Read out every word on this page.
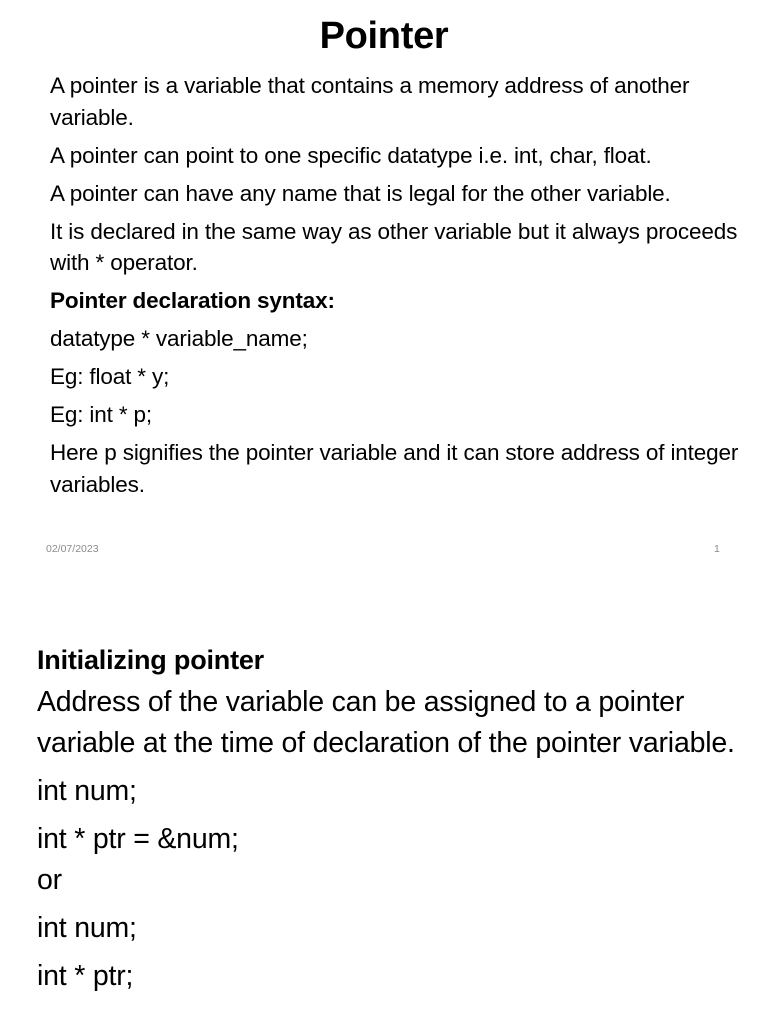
Pointer

A pointer is a variable that contains a memory address of another variable.

A pointer can point to one specific datatype i.e. int, char, float.

A pointer can have any name that is legal for the other variable.

It is declared in the same way as other variable but it always proceeds with * operator.

Pointer declaration syntax:

datatype * variable_name;

Eg: float * y;

Eg: int * p;

Here p signifies the pointer variable and it can store address of integer variables.

02/07/2023	1

Initializing pointer

Address of the variable can be assigned to a pointer variable at the time of declaration of the pointer variable.

int num;

int * ptr = &num;

or

int num;

int * ptr;
